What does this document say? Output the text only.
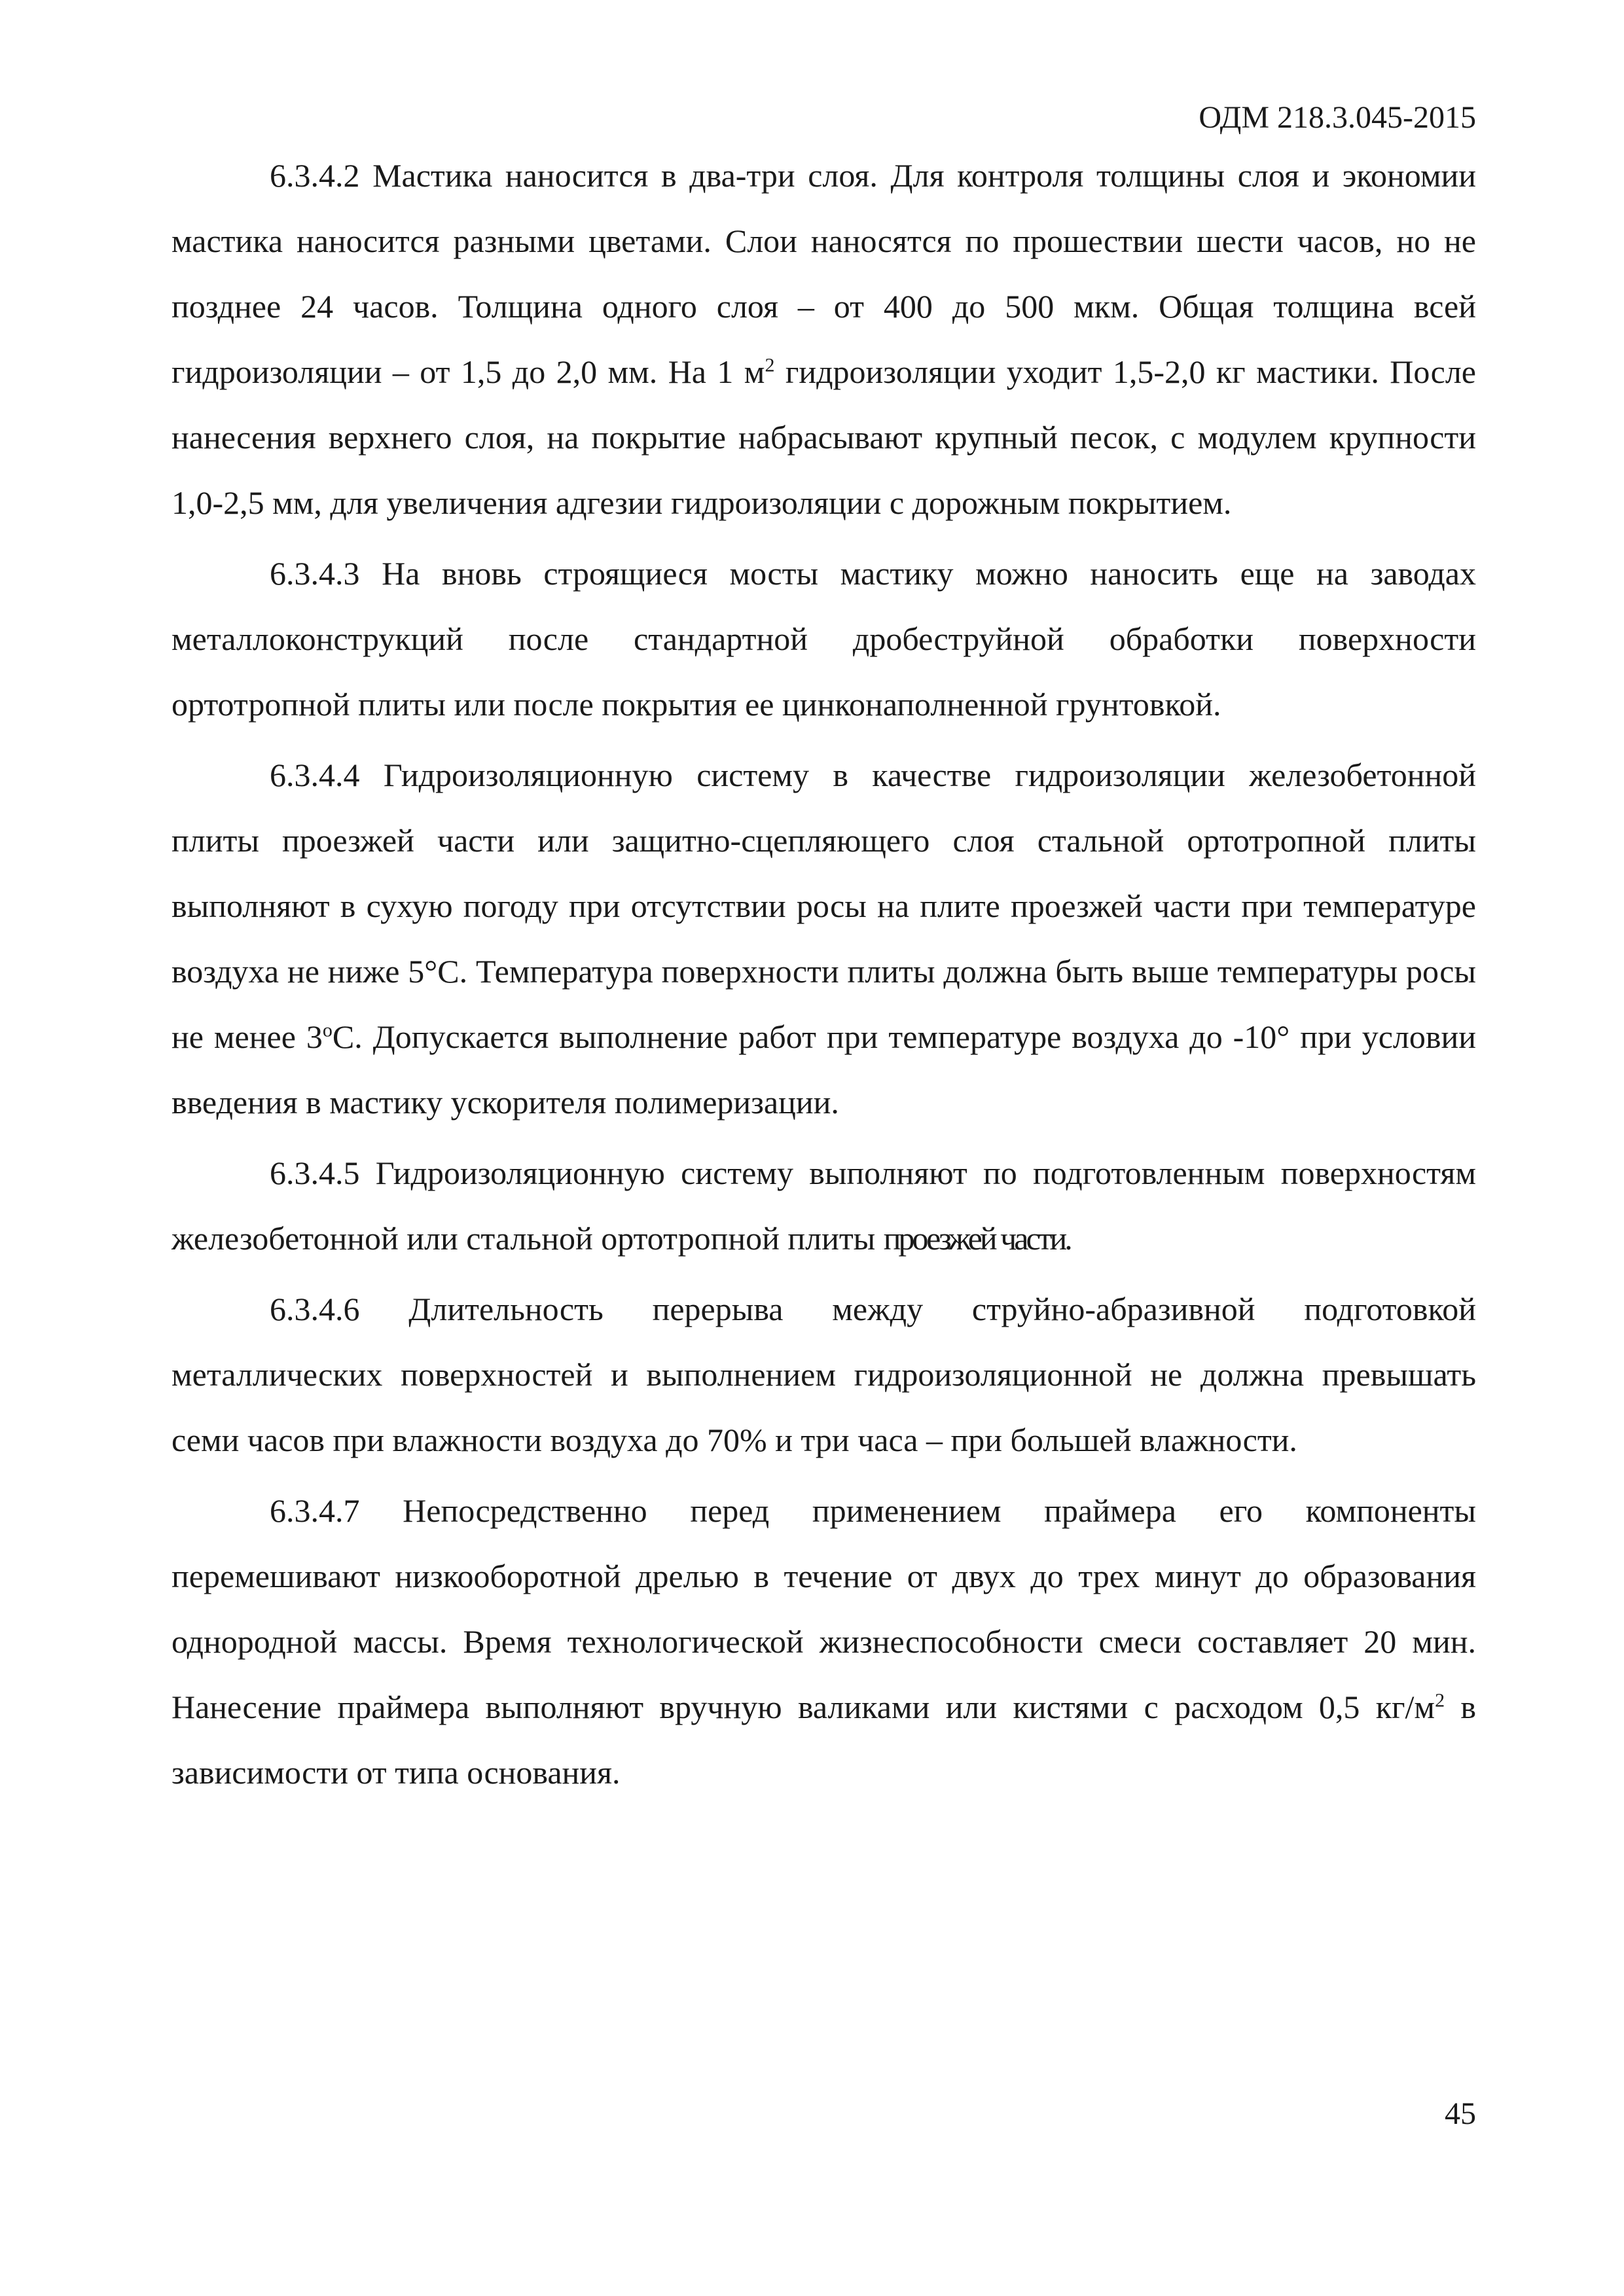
ОДМ 218.3.045-2015

6.3.4.2 Мастика наносится в два-три слоя. Для контроля толщины слоя и экономии мастика наносится разными цветами. Слои наносятся по прошествии шести часов, но не позднее 24 часов. Толщина одного слоя – от 400 до 500 мкм. Общая толщина всей гидроизоляции – от 1,5 до 2,0 мм. На 1 $м^2$ гидроизоляции уходит 1,5-2,0 кг мастики. После нанесения верхнего слоя, на покрытие набрасывают крупный песок, с модулем крупности 1,0-2,5 мм, для увеличения адгезии гидроизоляции с дорожным покрытием.

6.3.4.3 На вновь строящиеся мосты мастику можно наносить еще на заводах металлоконструкций после стандартной дробеструйной обработки поверхности ортотропной плиты или после покрытия ее цинконаполненной грунтовкой.

6.3.4.4 Гидроизоляционную систему в качестве гидроизоляции железобетонной плиты проезжей части или защитно-сцепляющего слоя стальной ортотропной плиты выполняют в сухую погоду при отсутствии росы на плите проезжей части при температуре воздуха не ниже 5°С. Температура поверхности плиты должна быть выше температуры росы не менее $3^оС$. Допускается выполнение работ при температуре воздуха до -10° при условии введения в мастику ускорителя полимеризации.

6.3.4.5 Гидроизоляционную систему выполняют по подготовленным поверхностям железобетонной или стальной ортотропной плиты проезжей части.

6.3.4.6 Длительность перерыва между струйно-абразивной подготовкой металлических поверхностей и выполнением гидроизоляционной не должна превышать семи часов при влажности воздуха до 70% и три часа – при большей влажности.

6.3.4.7 Непосредственно перед применением праймера его компоненты перемешивают низкооборотной дрелью в течение от двух до трех минут до образования однородной массы. Время технологической жизнеспособности смеси составляет 20 мин. Нанесение праймера выполняют вручную валиками или кистями с расходом 0,5 $кг/м^2$ в зависимости от типа основания.

45
